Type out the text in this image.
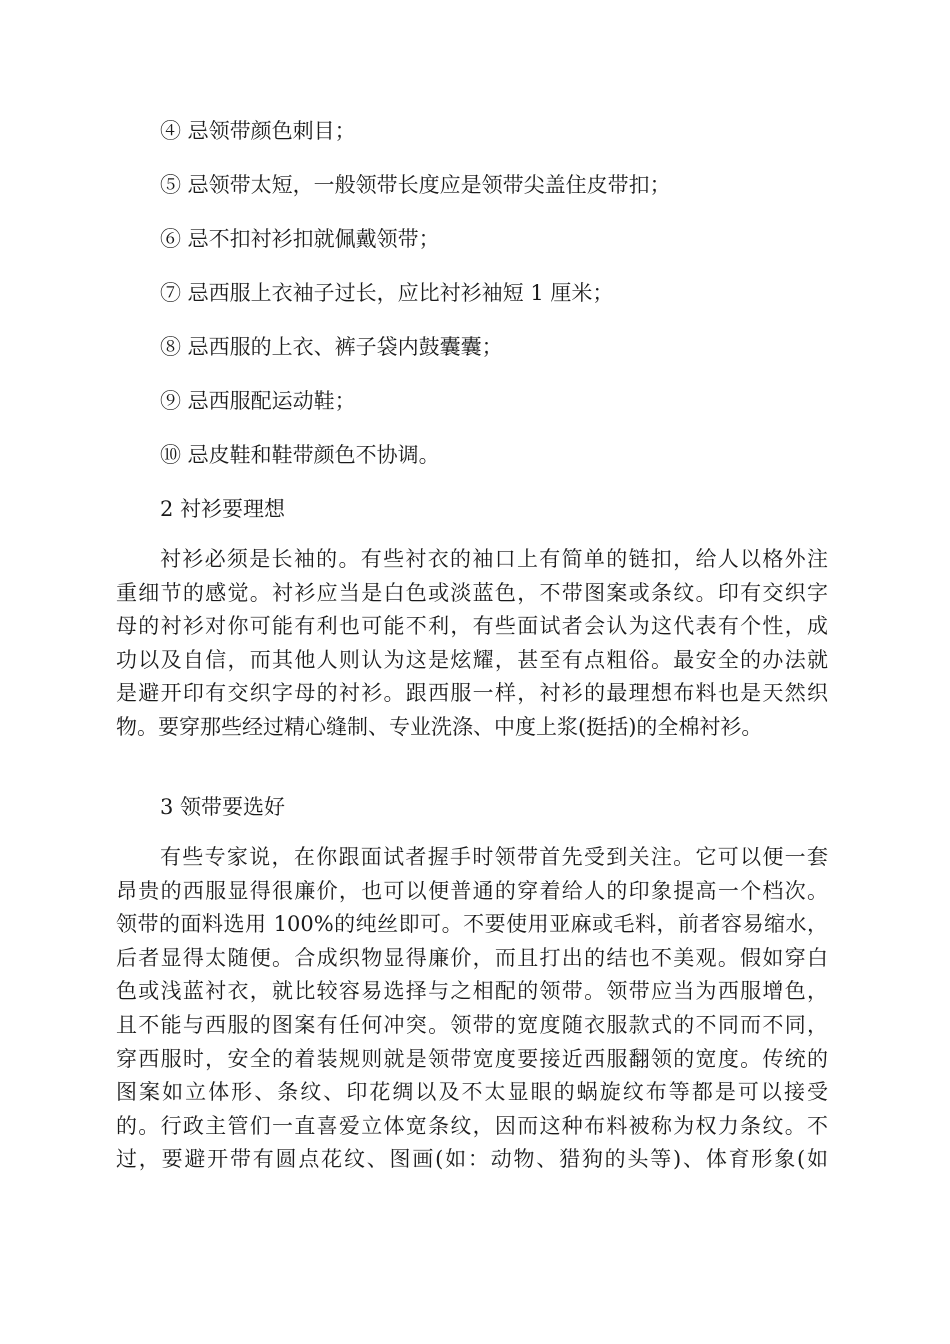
④ 忌领带颜色刺目；
⑤ 忌领带太短，一般领带长度应是领带尖盖住皮带扣；
⑥ 忌不扣衬衫扣就佩戴领带；
⑦ 忌西服上衣袖子过长，应比衬衫袖短 1 厘米；
⑧ 忌西服的上衣、裤子袋内鼓囊囊；
⑨ 忌西服配运动鞋；
⑩ 忌皮鞋和鞋带颜色不协调。
2 衬衫要理想
衬衫必须是长袖的。有些衬衣的袖口上有简单的链扣，给人以格外注
重细节的感觉。衬衫应当是白色或淡蓝色，不带图案或条纹。印有交织字
母的衬衫对你可能有利也可能不利，有些面试者会认为这代表有个性，成
功以及自信，而其他人则认为这是炫耀，甚至有点粗俗。最安全的办法就
是避开印有交织字母的衬衫。跟西服一样，衬衫的最理想布料也是天然织
物。要穿那些经过精心缝制、专业洗涤、中度上浆(挺括)的全棉衬衫。
3 领带要选好
有些专家说，在你跟面试者握手时领带首先受到关注。它可以便一套
昂贵的西服显得很廉价，也可以便普通的穿着给人的印象提高一个档次。
领带的面料选用 100%的纯丝即可。不要使用亚麻或毛料，前者容易缩水，
后者显得太随便。合成织物显得廉价，而且打出的结也不美观。假如穿白
色或浅蓝衬衣，就比较容易选择与之相配的领带。领带应当为西服增色，
且不能与西服的图案有任何冲突。领带的宽度随衣服款式的不同而不同，
穿西服时，安全的着装规则就是领带宽度要接近西服翻领的宽度。传统的
图案如立体形、条纹、印花绸以及不太显眼的蜗旋纹布等都是可以接受
的。行政主管们一直喜爱立体宽条纹，因而这种布料被称为权力条纹。不
过，要避开带有圆点花纹、图画(如：动物、猎狗的头等)、体育形象(如
